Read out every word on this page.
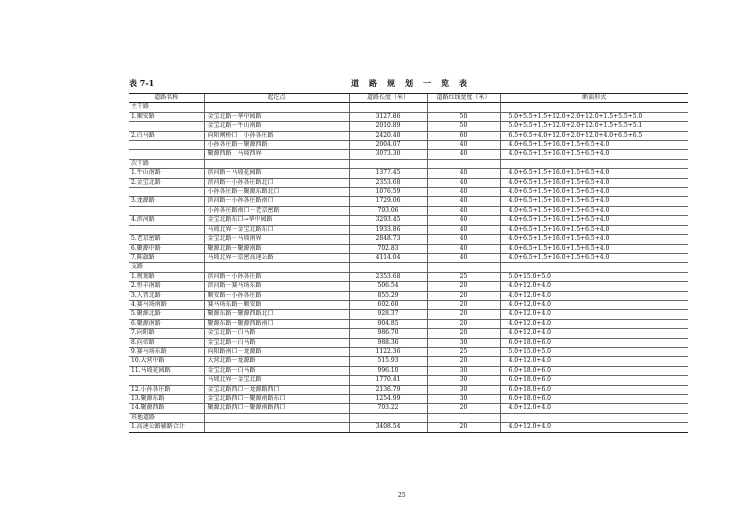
表 7-1	道路规划一览表
道路名称	起讫点	道路长度（米）	道路红线宽度（米）	断面形式
主干路				
1.顺安路	金宝北路－华中园路	3127.86	50	5.0+5.5+1.5+12.0+2.0+12.0+1.5+5.5+5.0
	金宝北路－牛山南路	2010.89	50	5.0+5.5+1.5+12.0+2.0+12.0+1.5+5.5+5.1
2.白马路	向阳闸桥口　小孙各庄路	2420.48	60	6.5+6.5+4.0+12.0+2.0+12.0+4.0+6.5+6.5
	小孙各庄路－聚源西路	2004.07	40	4.0+6.5+1.5+16.0+1.5+6.5+4.0
	聚源西路　马坡西界	3073.30	40	4.0+6.5+1.5+16.0+1.5+6.5+4.0
次干路				
1.牛山南路	滨河路－马坡花园路	1377.45	40	4.0+6.5+1.5+16.0+1.5+6.5+4.0
2.金宝北路	滨河路－小孙各庄路北口	2353.68	40	4.0+6.5+1.5+16.0+1.5+6.5+4.0
	小孙各庄路－聚源东路北口	1076.59	40	4.0+6.5+1.5+16.0+1.5+6.5+4.0
3.龙源路	滨河路－小孙各庄路南口	1729.06	40	4.0+6.5+1.5+16.0+1.5+6.5+4.0
	小孙各庄路南口－老京密路	793.06	40	4.0+6.5+1.5+16.0+1.5+6.5+4.0
4.滨河路	金宝北路东口→华中园路	3293.45	40	4.0+6.5+1.5+16.0+1.5+6.5+4.0
	马坡北界－金宝北路东口	1933.86	40	4.0+6.5+1.5+16.0+1.5+6.5+4.0
5.老京密路	金宝北路－马坡南界	2848.73	40	4.0+6.5+1.5+16.0+1.5+6.5+4.0
6.聚源中路	聚源北路－聚源南路	702.83	40	4.0+6.5+1.5+16.0+1.5+6.5+4.0
7.陈旗路	马坡北界－京密高速公路	4114.04	40	4.0+6.5+1.5+16.0+1.5+6.5+4.0
支路				
1.规划路	滨河路－小孙各庄路	2353.68	25	5.0+15.0+5.0
2.恒丰南路	滨河路－赛马场东路	506.54	20	4.0+12.0+4.0
3.人晋北路	顺安路－小孙各庄路	855.29	20	4.0+12.0+4.0
4.赛马场南路	赛马场东路－顺安路	602.60	20	4.0+12.0+4.0
5.聚源北路	聚源东路－聚源西路北口	928.37	20	4.0+12.0+4.0
6.聚源南路	聚源东路－聚源西路南口	904.85	20	4.0+12.0+4.0
7.向阳路	金宝北路－白马路	986.70	20	4.0+12.0+4.0
8.向帝路	金宝北路－白马路	988.36	30	6.0+18.0+6.0
9.赛马场东路	向阳路南口－龙源路	1122.36	25	5.0+15.0+5.0
10.大营中路	大营北路－龙源路	515.93	20	4.0+12.0+4.0
11.马坡花园路	金宝北路－白马路	996.10	30	6.0+18.0+6.0
	马坡北界－金宝北路	1770.41	30	6.0+18.0+6.0
12.小孙各庄路	金宝北路西口－龙源路西口	2136.79	30	6.0+18.0+6.0
13.聚源东路	金宝北路西口－聚源南路东口	1254.99	30	6.0+18.0+6.0
14.聚源西路	聚源北路西口－聚源南路西口	703.22	20	4.0+12.0+4.0
其他道路				
1.高速公路辅路合计		3408.54	20	4.0+12.0+4.0
25
